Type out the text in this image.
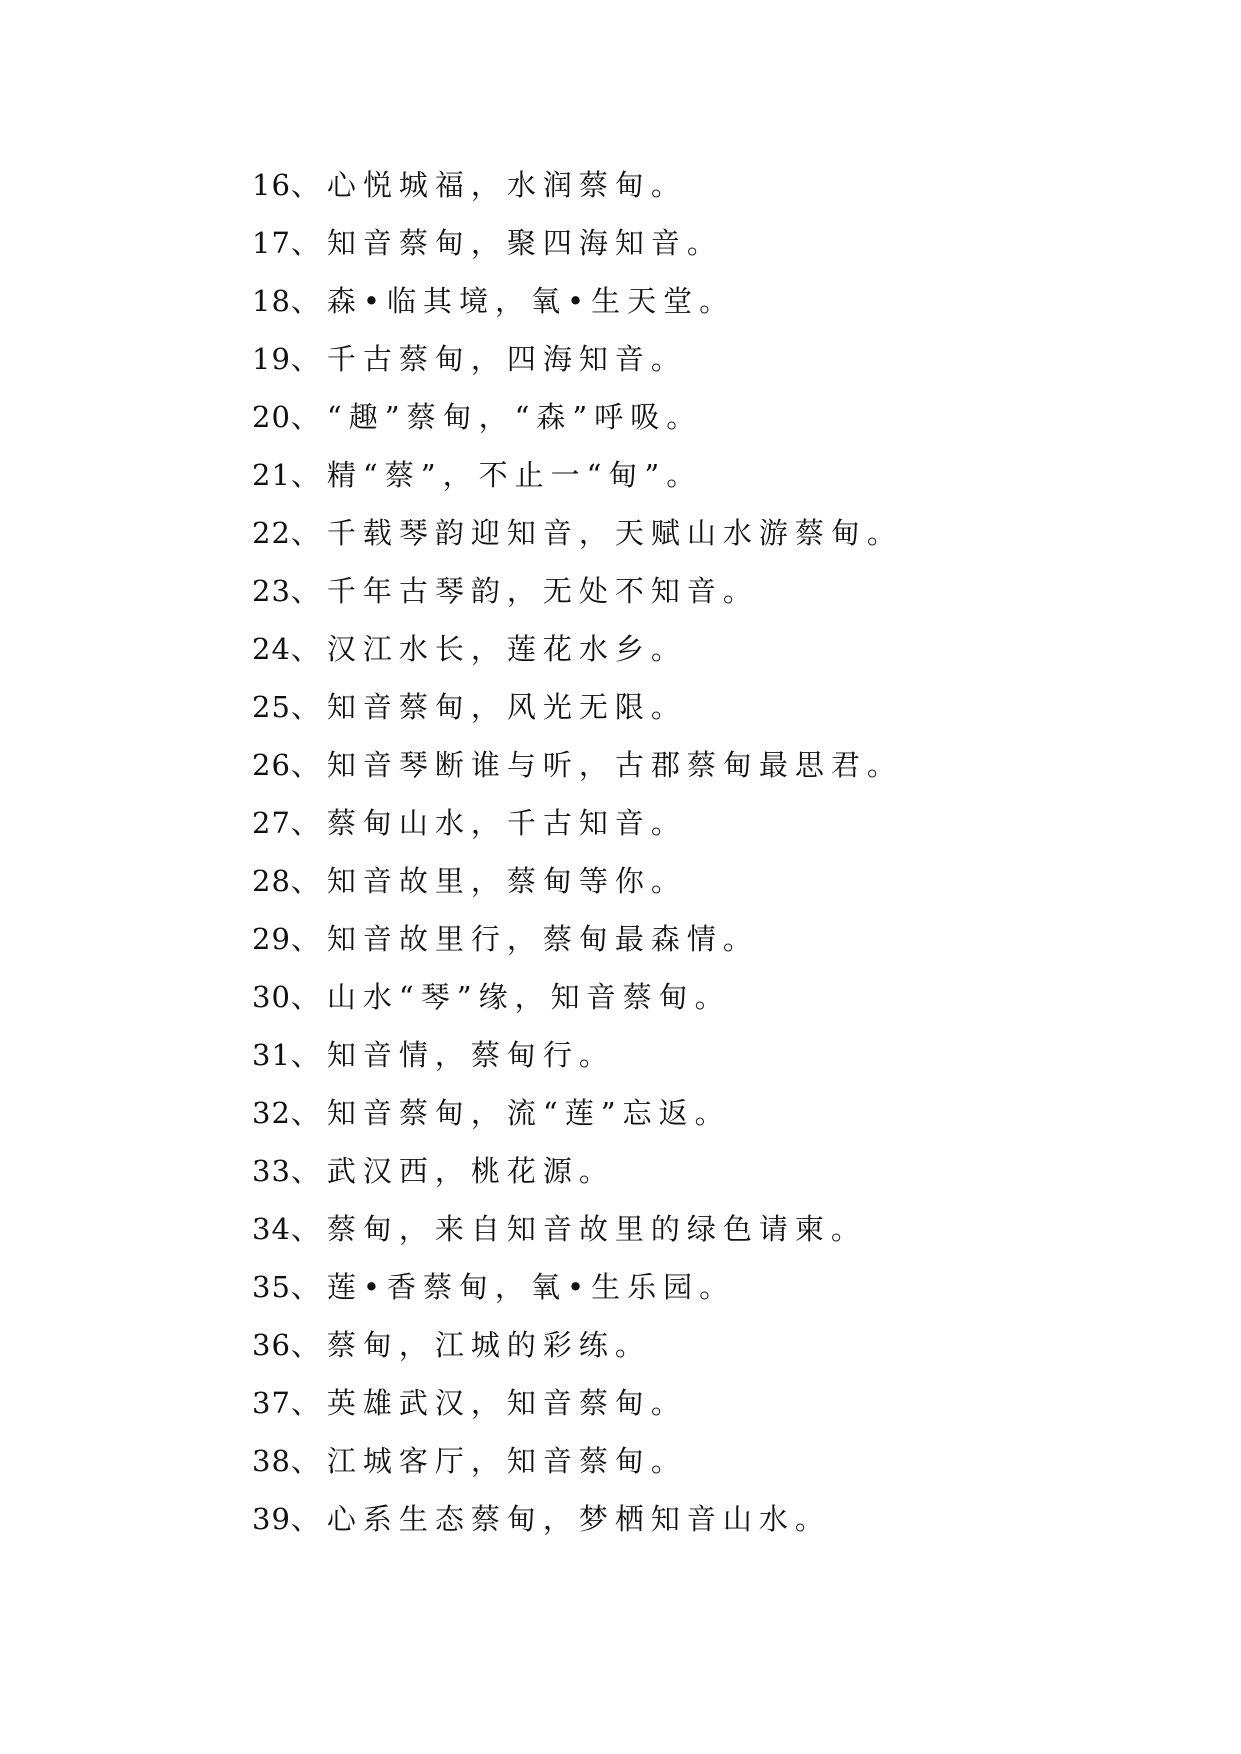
16、心悦城福，水润蔡甸。
17、知音蔡甸，聚四海知音。
18、森•临其境，氧•生天堂。
19、千古蔡甸，四海知音。
20、“趣”蔡甸，“森”呼吸。
21、精“蔡”，不止一“甸”。
22、千载琴韵迎知音，天赋山水游蔡甸。
23、千年古琴韵，无处不知音。
24、汉江水长，莲花水乡。
25、知音蔡甸，风光无限。
26、知音琴断谁与听，古郡蔡甸最思君。
27、蔡甸山水，千古知音。
28、知音故里，蔡甸等你。
29、知音故里行，蔡甸最森情。
30、山水“琴”缘，知音蔡甸。
31、知音情，蔡甸行。
32、知音蔡甸，流“莲”忘返。
33、武汉西，桃花源。
34、蔡甸，来自知音故里的绿色请柬。
35、莲•香蔡甸，氧•生乐园。
36、蔡甸，江城的彩练。
37、英雄武汉，知音蔡甸。
38、江城客厅，知音蔡甸。
39、心系生态蔡甸，梦栖知音山水。
